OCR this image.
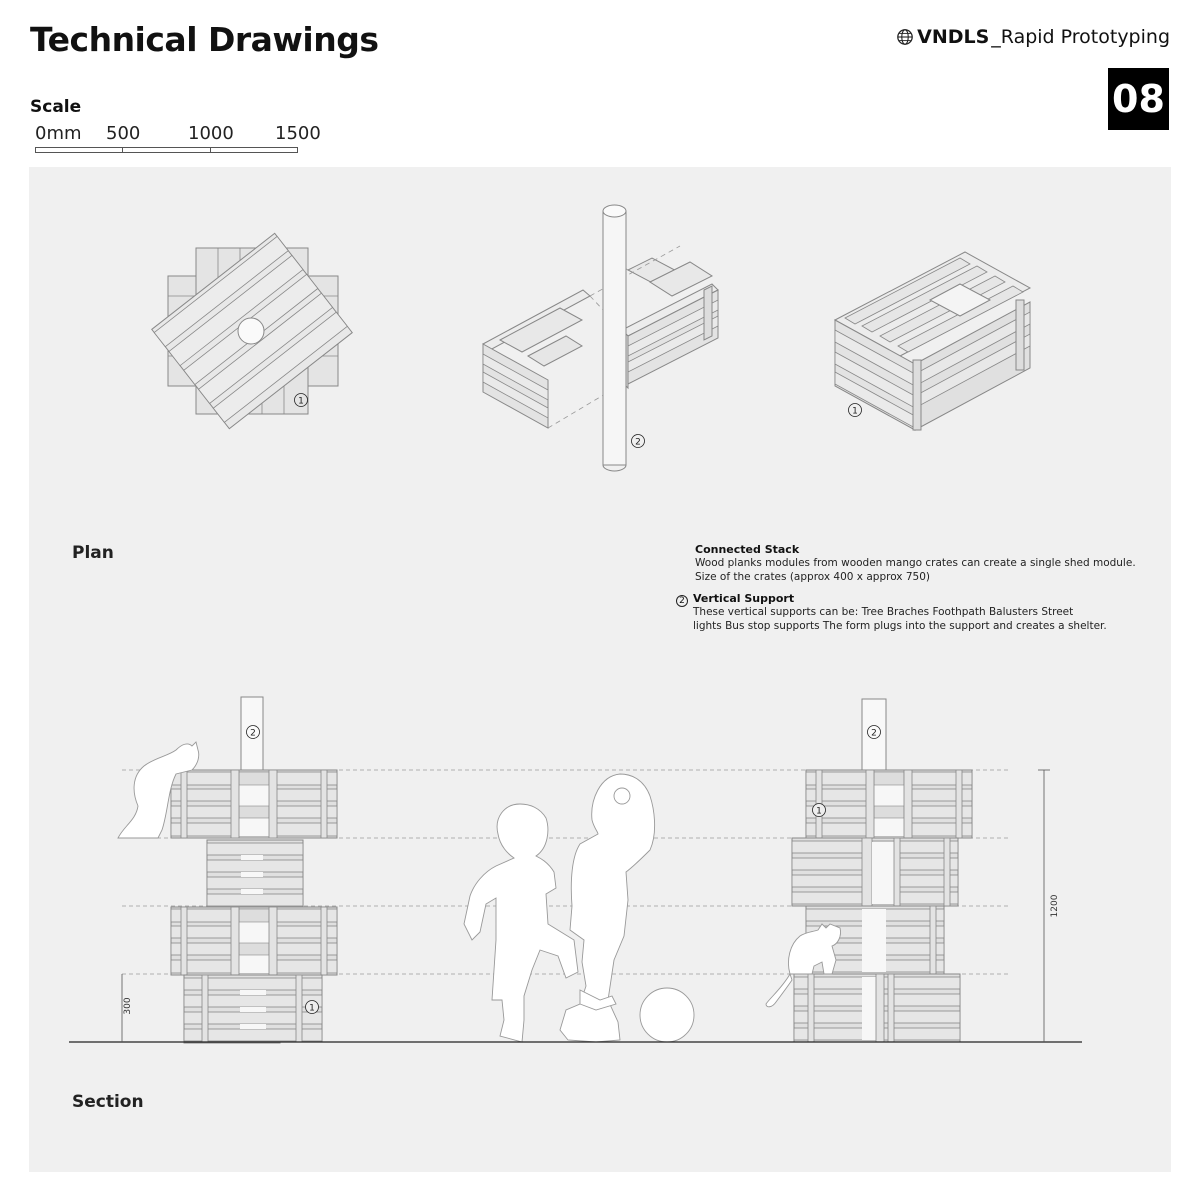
Technical Drawings	VNDLS _Rapid Prototyping
08
Scale
0mm 500	1000 1500
1
2
1
2
1
2
1
1200
300
Plan
Section
Connected Stack
Wood planks modules from wooden mango crates can create a single shed module.
Size of the crates (approx 400 x approx 750)
2 Vertical Support
These vertical supports can be: Tree Braches Foothpath Balusters Street
lights Bus stop supports The form plugs into the support and creates a shelter.
